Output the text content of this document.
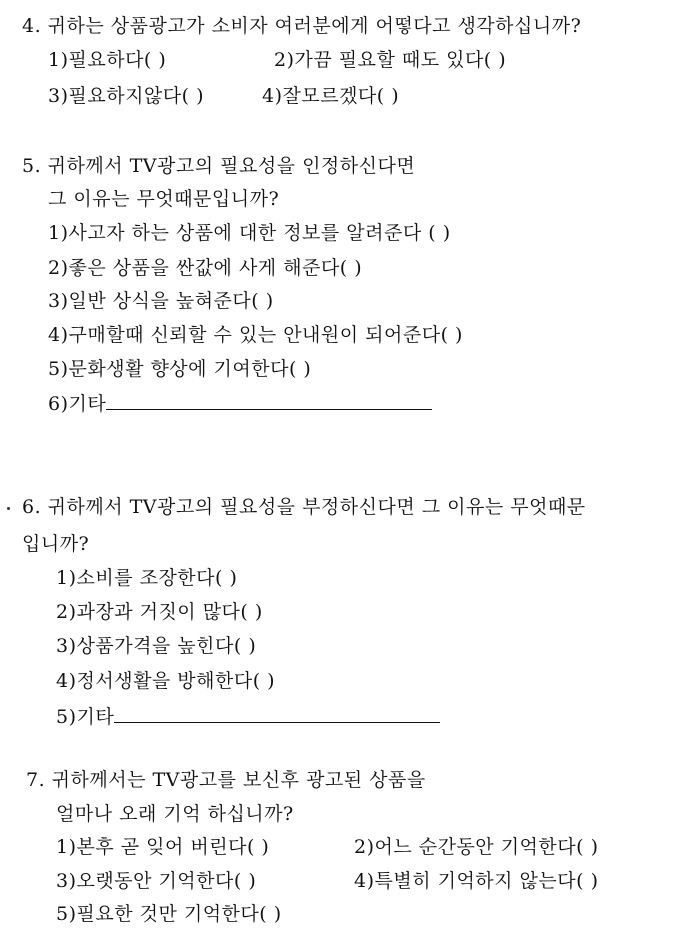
4. 귀하는 상품광고가 소비자 여러분에게 어떻다고 생각하십니까?
1)필요하다( )	2)가끔 필요할 때도 있다( )
3)필요하지않다( )	4)잘모르겠다( )
5. 귀하께서 TV광고의 필요성을 인정하신다면
그 이유는 무엇때문입니까?
1)사고자 하는 상품에 대한 정보를 알려준다 ( )
2)좋은 상품을 싼값에 사게 해준다( )
3)일반 상식을 높혀준다( )
4)구매할때 신뢰할 수 있는 안내원이 되어준다( )
5)문화생활 향상에 기여한다( )
6)기타
6. 귀하께서 TV광고의 필요성을 부정하신다면 그 이유는 무엇때문
입니까?
1)소비를 조장한다( )
2)과장과 거짓이 많다( )
3)상품가격을 높힌다( )
4)정서생활을 방해한다( )
5)기타
7. 귀하께서는 TV광고를 보신후 광고된 상품을
얼마나 오래 기억 하십니까?
1)본후 곧 잊어 버린다( )	2)어느 순간동안 기억한다( )
3)오랫동안 기억한다( )	4)특별히 기억하지 않는다( )
5)필요한 것만 기억한다( )
